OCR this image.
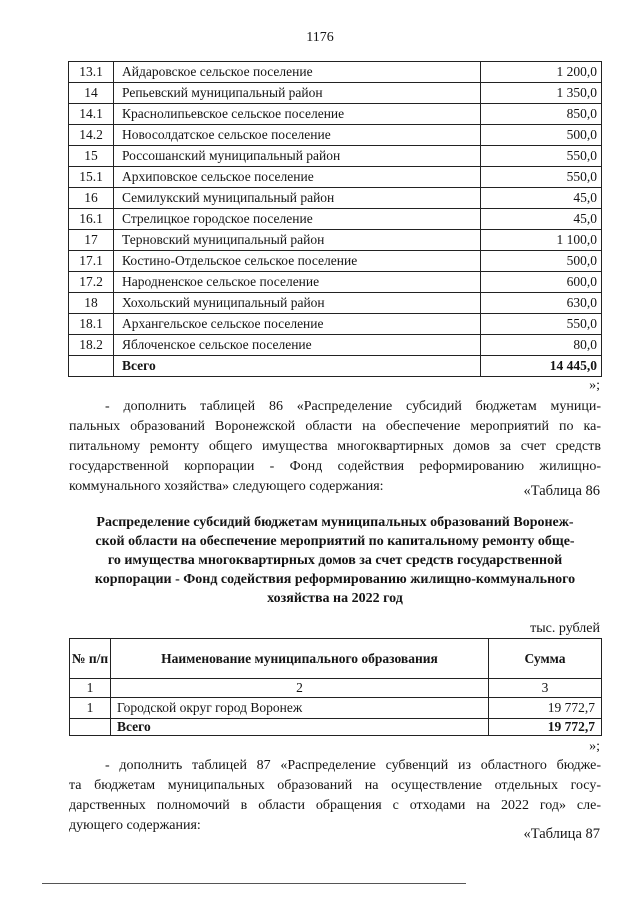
1176
13.1	Айдаровское сельское поселение	1 200,0
14	Репьевский муниципальный район	1 350,0
14.1	Краснолипьевское сельское поселение	850,0
14.2	Новосолдатское сельское поселение	500,0
15	Россошанский муниципальный район	550,0
15.1	Архиповское сельское поселение	550,0
16	Семилукский муниципальный район	45,0
16.1	Стрелицкое городское поселение	45,0
17	Терновский муниципальный район	1 100,0
17.1	Костино-Отдельское сельское поселение	500,0
17.2	Народненское сельское поселение	600,0
18	Хохольский муниципальный район	630,0
18.1	Архангельское сельское поселение	550,0
18.2	Яблоченское сельское поселение	80,0
	Всего	14 445,0
»;

- дополнить таблицей 86 «Распределение субсидий бюджетам муници-
пальных образований Воронежской области на обеспечение мероприятий по ка-
питальному ремонту общего имущества многоквартирных домов за счет средств
государственной корпорации - Фонд содействия реформированию жилищно-
коммунального хозяйства» следующего содержания:	«Таблица 86
Распределение субсидий бюджетам муниципальных образований Воронеж-
ской области на обеспечение мероприятий по капитальному ремонту обще-
го имущества многоквартирных домов за счет средств государственной
корпорации - Фонд содействия реформированию жилищно-коммунального
хозяйства на 2022 год
тыс. рублей
№ п/п	Наименование муниципального образования	Сумма
1	2	3
1	Городской округ город Воронеж	19 772,7
	Всего	19 772,7
»;

- дополнить таблицей 87 «Распределение субвенций из областного бюдже-
та бюджетам муниципальных образований на осуществление отдельных госу-
дарственных полномочий в области обращения с отходами на 2022 год» сле-
дующего содержания:

«Таблица 87
